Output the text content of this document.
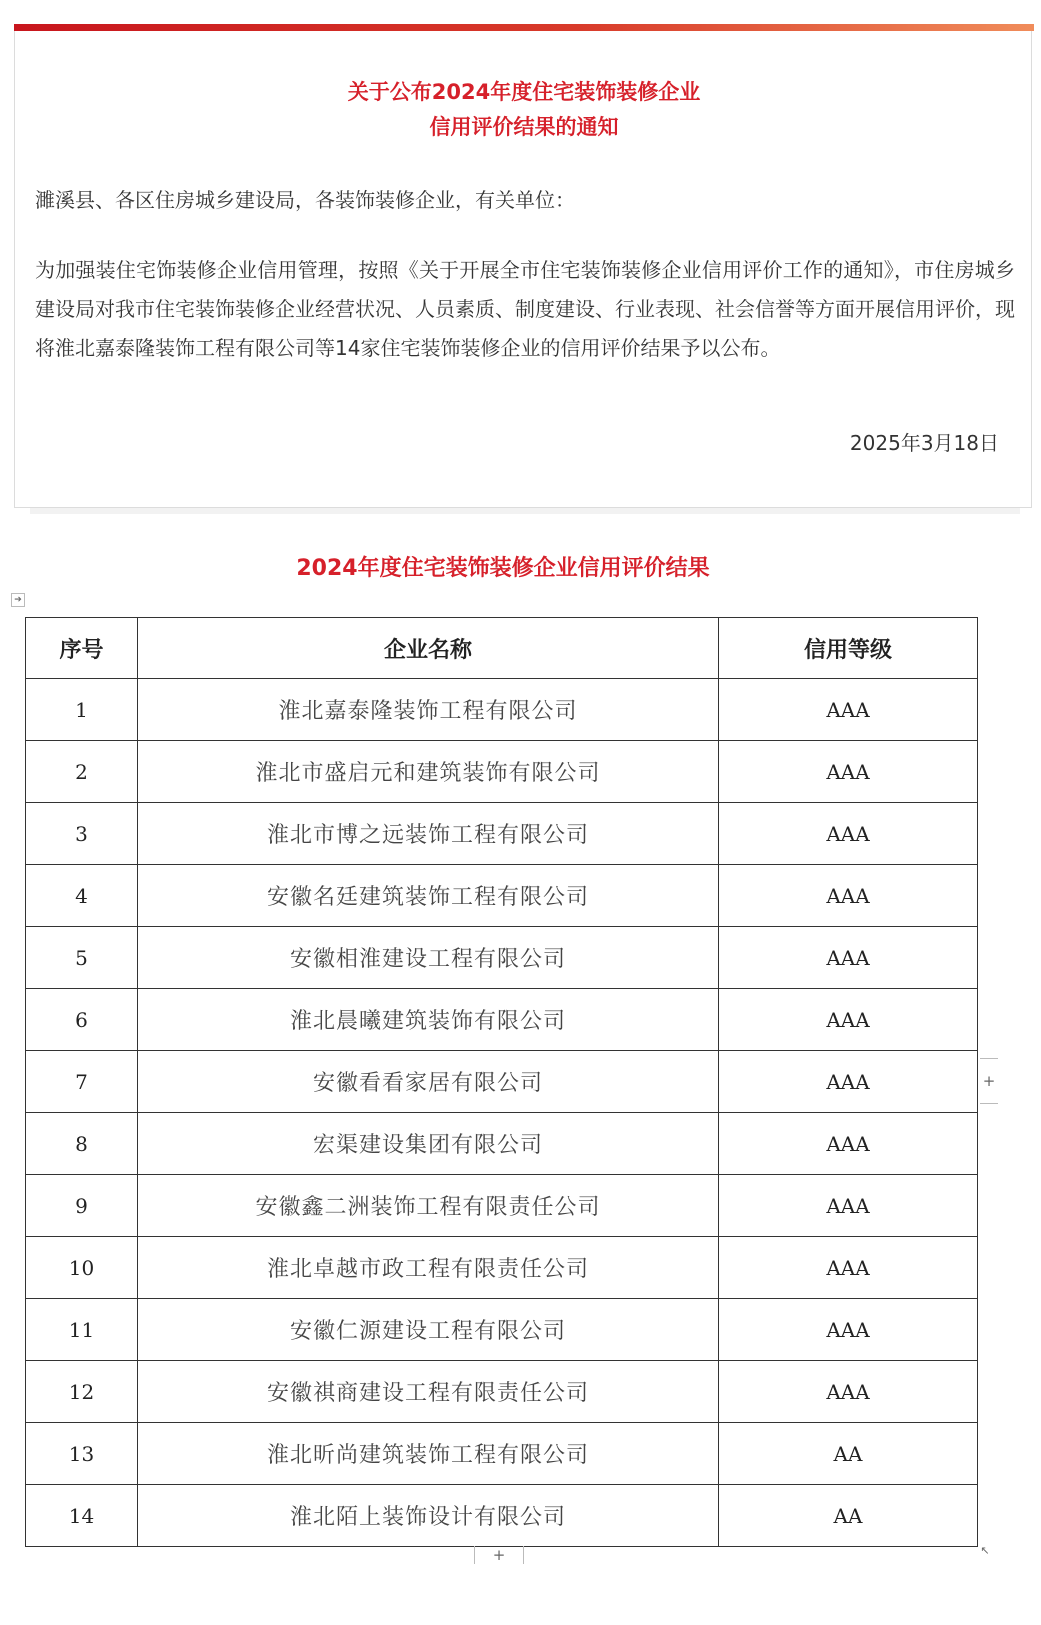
关于公布2024年度住宅装饰装修企业
信用评价结果的通知
濉溪县、各区住房城乡建设局，各装饰装修企业，有关单位：
为加强装住宅饰装修企业信用管理，按照《关于开展全市住宅装饰装修企业信用评价工作的通知》，市住房城乡建设局对我市住宅装饰装修企业经营状况、人员素质、制度建设、行业表现、社会信誉等方面开展信用评价，现将淮北嘉泰隆装饰工程有限公司等14家住宅装饰装修企业的信用评价结果予以公布。
2025年3月18日
2024年度住宅装饰装修企业信用评价结果
➔
序号	企业名称	信用等级
1	淮北嘉泰隆装饰工程有限公司	AAA
2	淮北市盛启元和建筑装饰有限公司	AAA
3	淮北市博之远装饰工程有限公司	AAA
4	安徽名廷建筑装饰工程有限公司	AAA
5	安徽相淮建设工程有限公司	AAA
6	淮北晨曦建筑装饰有限公司	AAA
7	安徽看看家居有限公司	AAA
8	宏渠建设集团有限公司	AAA
9	安徽鑫二洲装饰工程有限责任公司	AAA
10	淮北卓越市政工程有限责任公司	AAA
11	安徽仁源建设工程有限公司	AAA
12	安徽祺商建设工程有限责任公司	AAA
13	淮北昕尚建筑装饰工程有限公司	AA
14	淮北陌上装饰设计有限公司	AA
+
+	↖
